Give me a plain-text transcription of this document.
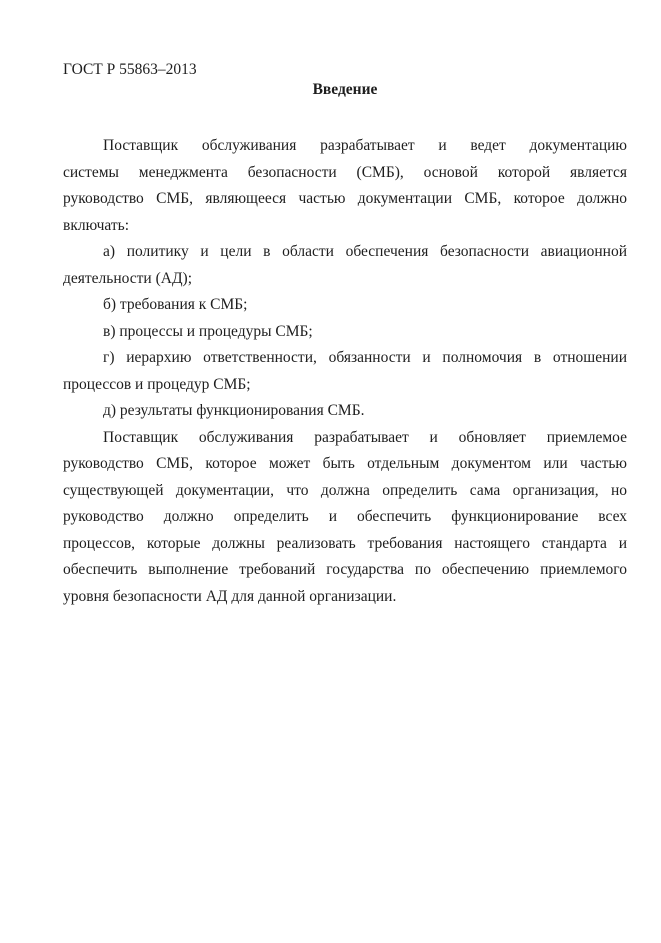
ГОСТ Р 55863–2013
Введение
Поставщик обслуживания разрабатывает и ведет документацию
системы менеджмента безопасности (СМБ), основой которой является
руководство СМБ, являющееся частью документации СМБ, которое должно
включать:
а) политику и цели в области обеспечения безопасности авиационной
деятельности (АД);
б) требования к СМБ;
в) процессы и процедуры СМБ;
г) иерархию ответственности, обязанности и полномочия в отношении
процессов и процедур СМБ;
д) результаты функционирования СМБ.
Поставщик обслуживания разрабатывает и обновляет приемлемое
руководство СМБ, которое может быть отдельным документом или частью
существующей документации, что должна определить сама организация, но
руководство должно определить и обеспечить функционирование всех
процессов, которые должны реализовать требования настоящего стандарта и
обеспечить выполнение требований государства по обеспечению приемлемого
уровня безопасности АД для данной организации.
